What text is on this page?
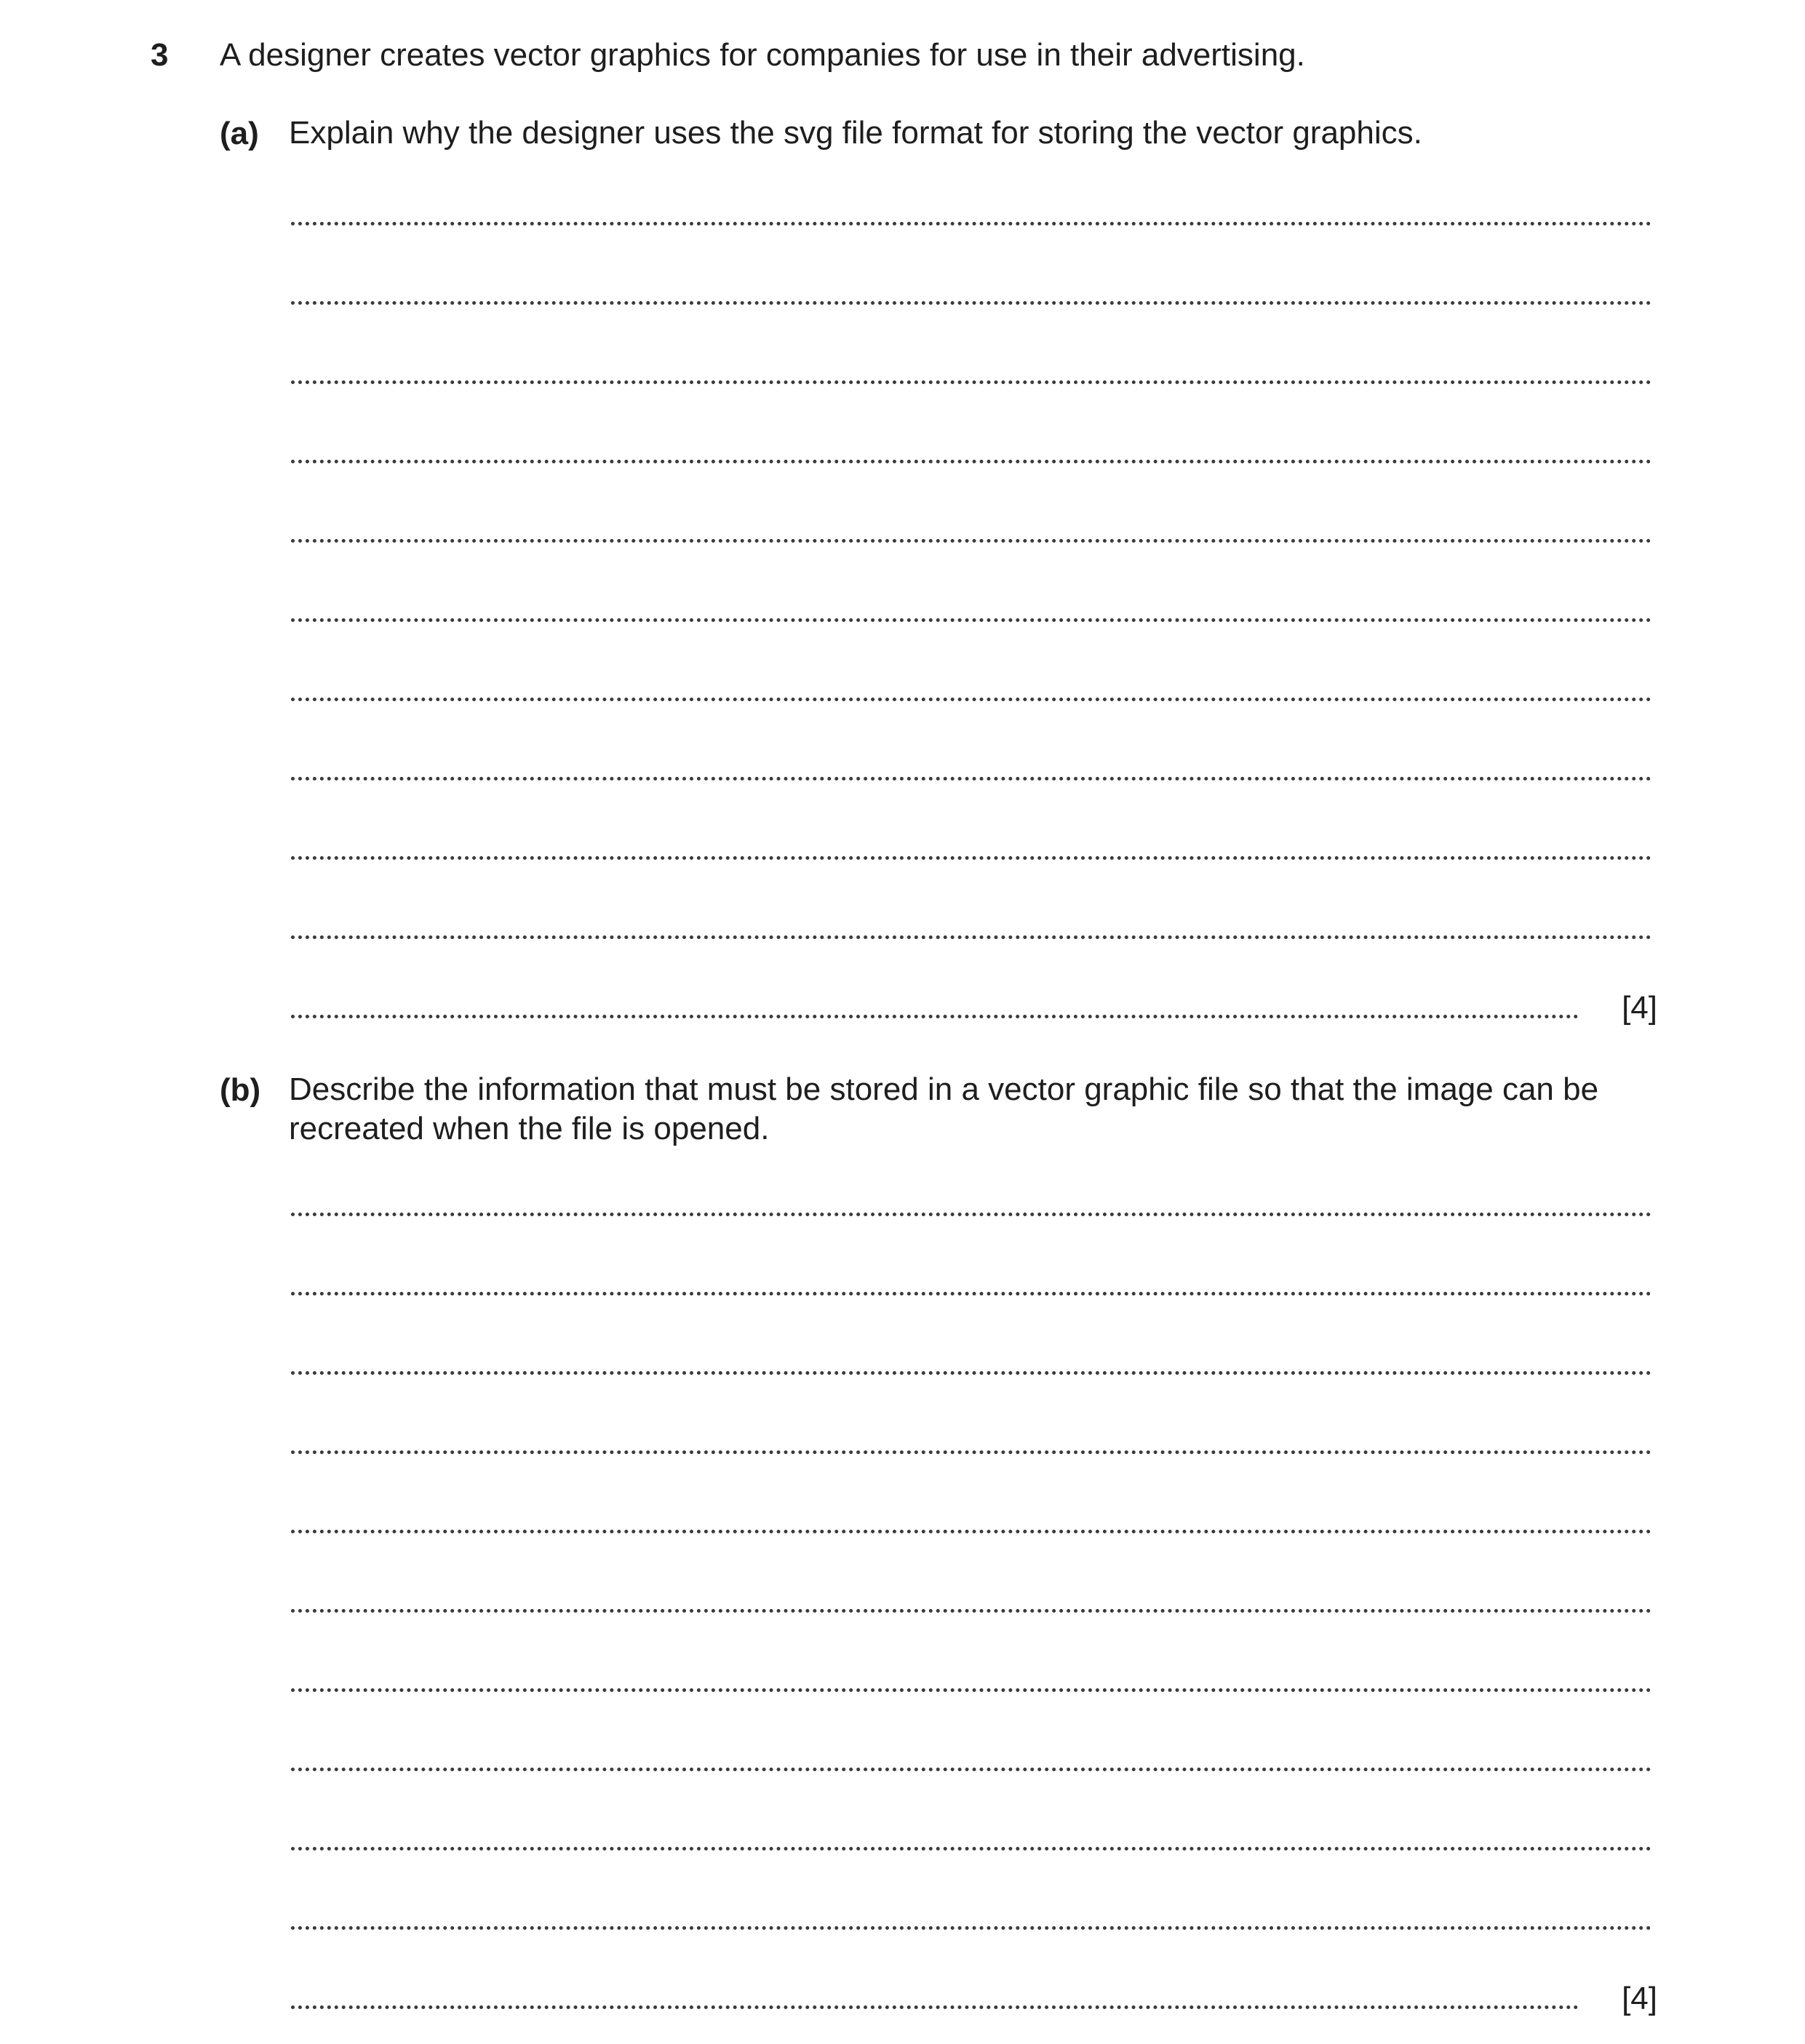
3 A designer creates vector graphics for companies for use in their advertising.
(a) Explain why the designer uses the svg file format for storing the vector graphics.
[4]
(b) Describe the information that must be stored in a vector graphic file so that the image can be recreated when the file is opened.
[4]
